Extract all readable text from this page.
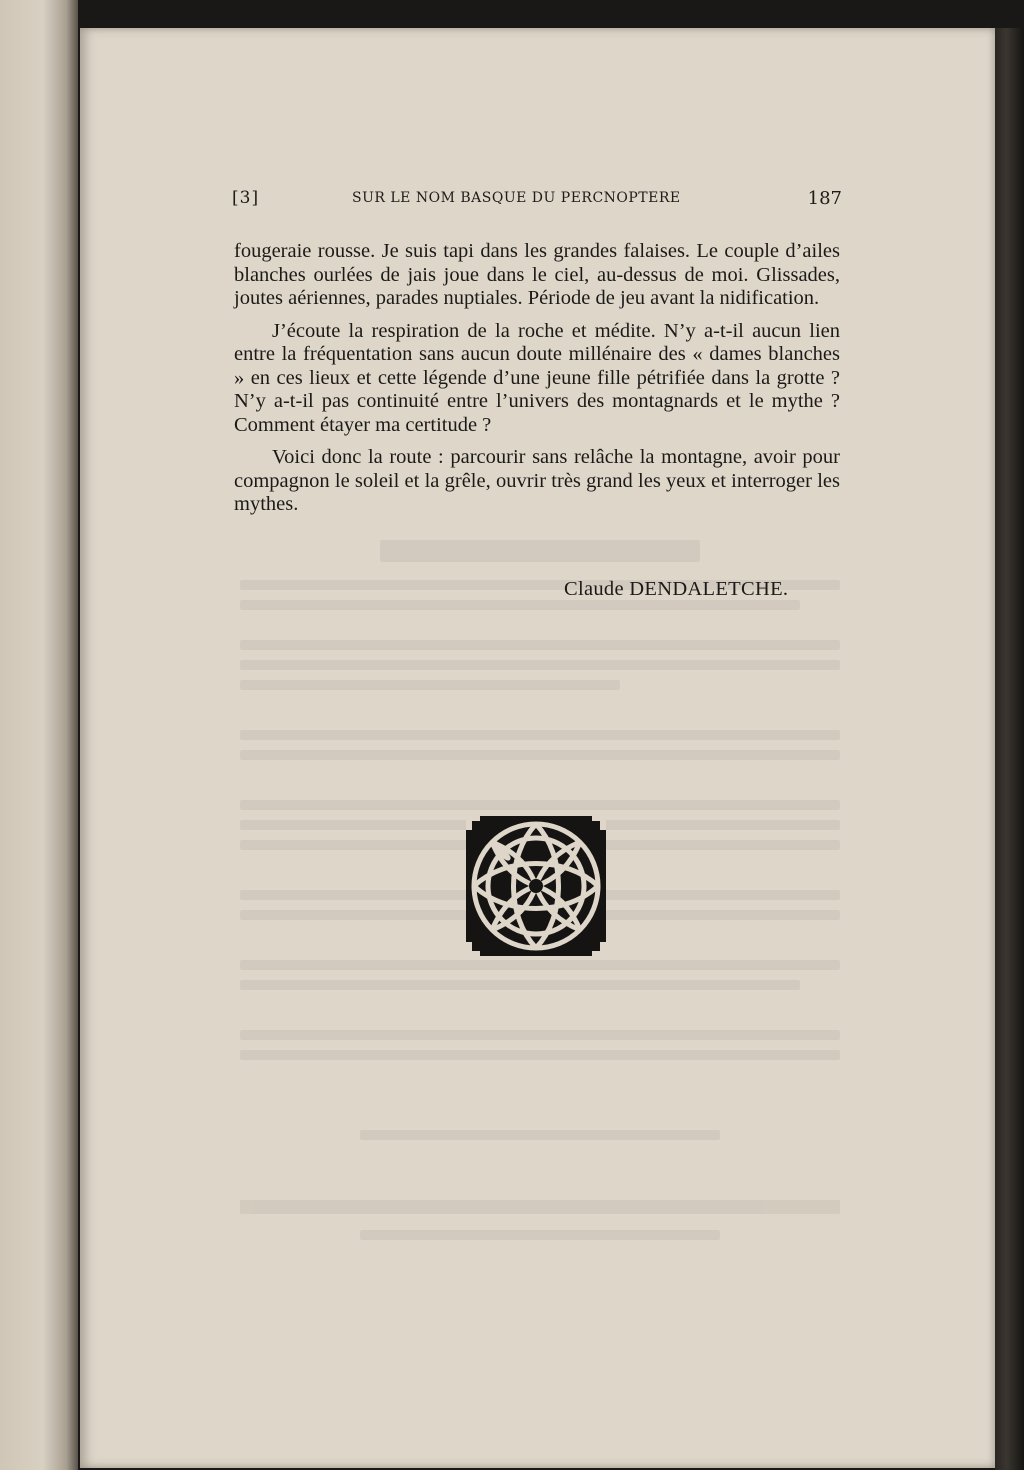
[3]	SUR LE NOM BASQUE DU PERCNOPTERE	187

fougeraie rousse. Je suis tapi dans les grandes falaises. Le couple d’ailes blanches ourlées de jais joue dans le ciel, au-dessus de moi. Glissades, joutes aériennes, parades nuptiales. Période de jeu avant la nidification.

J’écoute la respiration de la roche et médite. N’y a-t-il aucun lien entre la fréquentation sans aucun doute millénaire des « dames blanches » en ces lieux et cette légende d’une jeune fille pétrifiée dans la grotte ? N’y a-t-il pas continuité entre l’univers des montagnards et le mythe ? Comment étayer ma certitude ?

Voici donc la route : parcourir sans relâche la montagne, avoir pour compagnon le soleil et la grêle, ouvrir très grand les yeux et interroger les mythes.

Claude DENDALETCHE.
